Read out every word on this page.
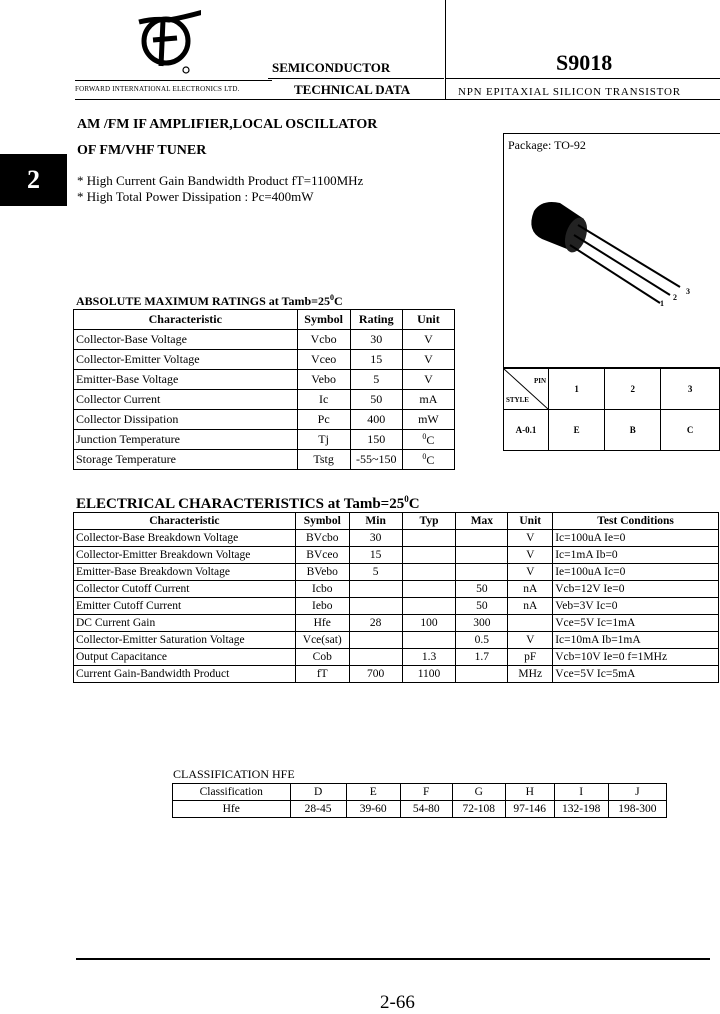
FORWARD INTERNATIONAL ELECTRONICS LTD.
SEMICONDUCTOR
TECHNICAL DATA
S9018
NPN EPITAXIAL SILICON TRANSISTOR
AM /FM IF AMPLIFIER,LOCAL OSCILLATOR
OF FM/VHF TUNER
2	* High Current Gain Bandwidth Product fT=1100MHz
* High Total Power Dissipation : Pc=400mW
Package: TO-92
1
2
3
PIN
STYLE	1	2	3
A-0.1	E	B	C
ABSOLUTE MAXIMUM RATINGS at $Tamb=25^0C$
Characteristic	Symbol	Rating	Unit
Collector-Base Voltage	Vcbo	30	V
Collector-Emitter Voltage	Vceo	15	V
Emitter-Base Voltage	Vebo	5	V
Collector Current	Ic	50	mA
Collector Dissipation	Pc	400	mW
Junction Temperature	Tj	150	$^0$C
Storage Temperature	Tstg	-55~150	$^0$C
ELECTRICAL CHARACTERISTICS at $Tamb=25^0C$
Characteristic	Symbol	Min	Typ	Max	Unit	Test Conditions
Collector-Base Breakdown Voltage	BVcbo	30			V	Ic=100uA Ie=0
Collector-Emitter Breakdown Voltage	BVceo	15			V	Ic=1mA Ib=0
Emitter-Base Breakdown Voltage	BVebo	5			V	Ie=100uA Ic=0
Collector Cutoff Current	Icbo			50	nA	Vcb=12V Ie=0
Emitter Cutoff Current	Iebo			50	nA	Veb=3V Ic=0
DC Current Gain	Hfe	28	100	300		Vce=5V Ic=1mA
Collector-Emitter Saturation Voltage	Vce(sat)			0.5	V	Ic=10mA Ib=1mA
Output Capacitance	Cob		1.3	1.7	pF	Vcb=10V Ie=0 f=1MHz
Current Gain-Bandwidth Product	fT	700	1100		MHz	Vce=5V Ic=5mA
CLASSIFICATION HFE
Classification	D	E	F	G	H	I	J
Hfe	28-45	39-60	54-80	72-108	97-146	132-198	198-300
2-66
